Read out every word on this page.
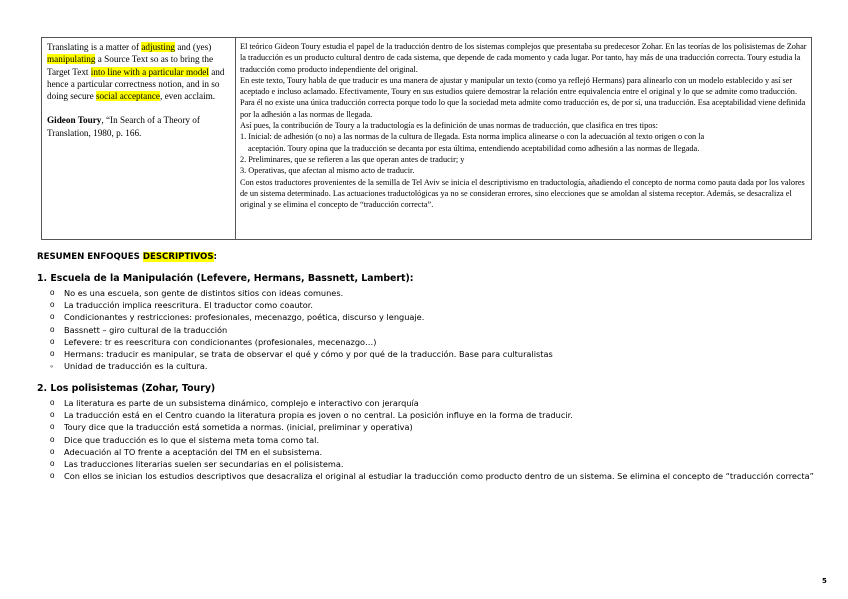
Translating is a matter of adjusting and (yes) manipulating a Source Text so as to bring the Target Text into line with a particular model and hence a particular correctness notion, and in so doing secure social acceptance, even acclaim.

Gideon Toury, “In Search of a Theory of Translation, 1980, p. 166.

El teórico Gideon Toury estudia el papel de la traducción dentro de los sistemas complejos que presentaba su predecesor Zohar. En las teorías de los polisistemas de Zohar la traducción es un producto cultural dentro de cada sistema, que depende de cada momento y cada lugar. Por tanto, hay más de una traducción correcta. Toury estudia la traducción como producto independiente del original.

En este texto, Toury habla de que traducir es una manera de ajustar y manipular un texto (como ya reflejó Hermans) para alinearlo con un modelo establecido y así ser aceptado e incluso aclamado. Efectivamente, Toury en sus estudios quiere demostrar la relación entre equivalencia entre el original y lo que se admite como traducción. Para él no existe una única traducción correcta porque todo lo que la sociedad meta admite como traducción es, de por sí, una traducción. Esa aceptabilidad viene definida por la adhesión a las normas de llegada.

Así pues, la contribución de Toury a la traductología es la definición de unas normas de traducción, que clasifica en tres tipos:

1. Inicial: de adhesión (o no) a las normas de la cultura de llegada. Esta norma implica alinearse o con la adecuación al texto origen o con la

aceptación. Toury opina que la traducción se decanta por esta última, entendiendo aceptabilidad como adhesión a las normas de llegada.

2. Preliminares, que se refieren a las que operan antes de traducir; y

3. Operativas, que afectan al mismo acto de traducir.

Con estos traductores provenientes de la semilla de Tel Aviv se inicia el descriptivismo en traductología, añadiendo el concepto de norma como pauta dada por los valores de un sistema determinado. Las actuaciones traductológicas ya no se consideran errores, sino elecciones que se amoldan al sistema receptor. Además, se desacraliza el original y se elimina el concepto de “traducción correcta”.

RESUMEN ENFOQUES DESCRIPTIVOS:
1. Escuela de la Manipulación (Lefevere, Hermans, Bassnett, Lambert):
o No es una escuela, son gente de distintos sitios con ideas comunes.
o La traducción implica reescritura. El traductor como coautor.
o Condicionantes y restricciones: profesionales, mecenazgo, poética, discurso y lenguaje.
o Bassnett – giro cultural de la traducción
o Lefevere: tr es reescritura con condicionantes (profesionales, mecenazgo…)
o Hermans: traducir es manipular, se trata de observar el qué y cómo y por qué de la traducción. Base para culturalistas
◦ Unidad de traducción es la cultura.
2. Los polisistemas (Zohar, Toury)
o La literatura es parte de un subsistema dinámico, complejo e interactivo con jerarquía
o La traducción está en el Centro cuando la literatura propia es joven o no central. La posición influye en la forma de traducir.
o Toury dice que la traducción está sometida a normas. (inicial, preliminar y operativa)
o Dice que traducción es lo que el sistema meta toma como tal.
o Adecuación al TO frente a aceptación del TM en el subsistema.
o Las traducciones literarias suelen ser secundarias en el polisistema.
o Con ellos se inician los estudios descriptivos que desacraliza el original al estudiar la traducción como producto dentro de un sistema. Se elimina el concepto de “traducción correcta”
5
